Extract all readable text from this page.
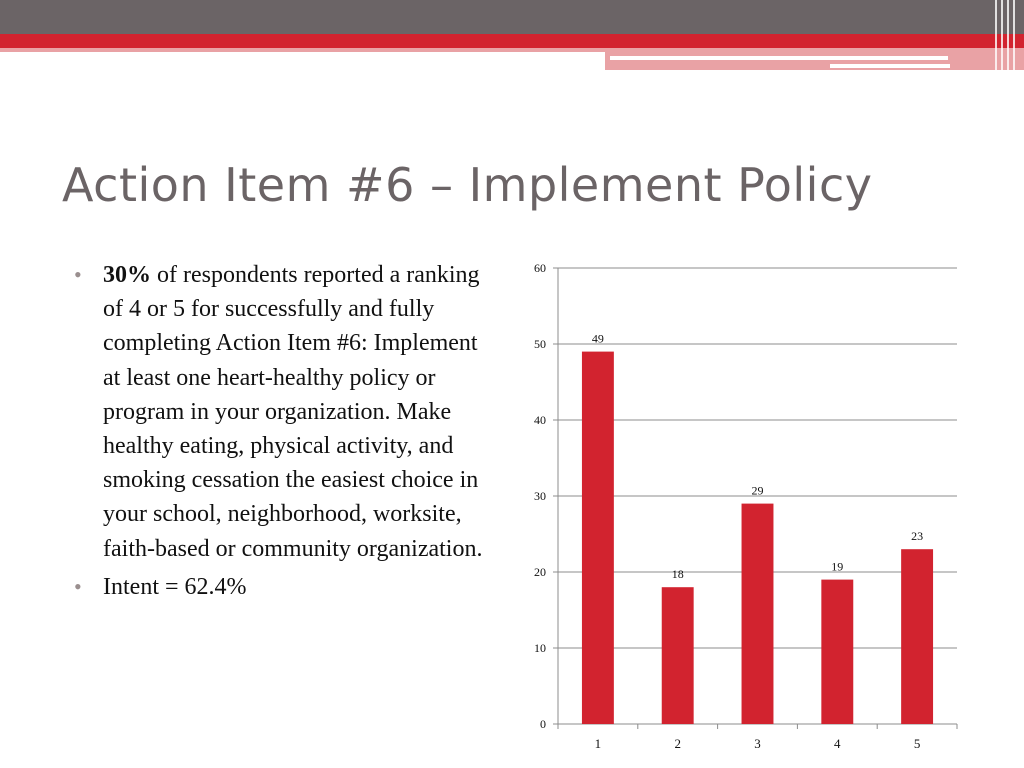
Action Item #6 – Implement Policy
• 30% of respondents reported a ranking of 4 or 5 for successfully and fully completing Action Item #6: Implement at least one heart-healthy policy or program in your organization. Make healthy eating, physical activity, and smoking cessation the easiest choice in your school, neighborhood, worksite, faith-based or community organization.
• Intent = 62.4%
0
10
20
30
40
50
60
49
1
18
2
29
3
19
4
23
5
